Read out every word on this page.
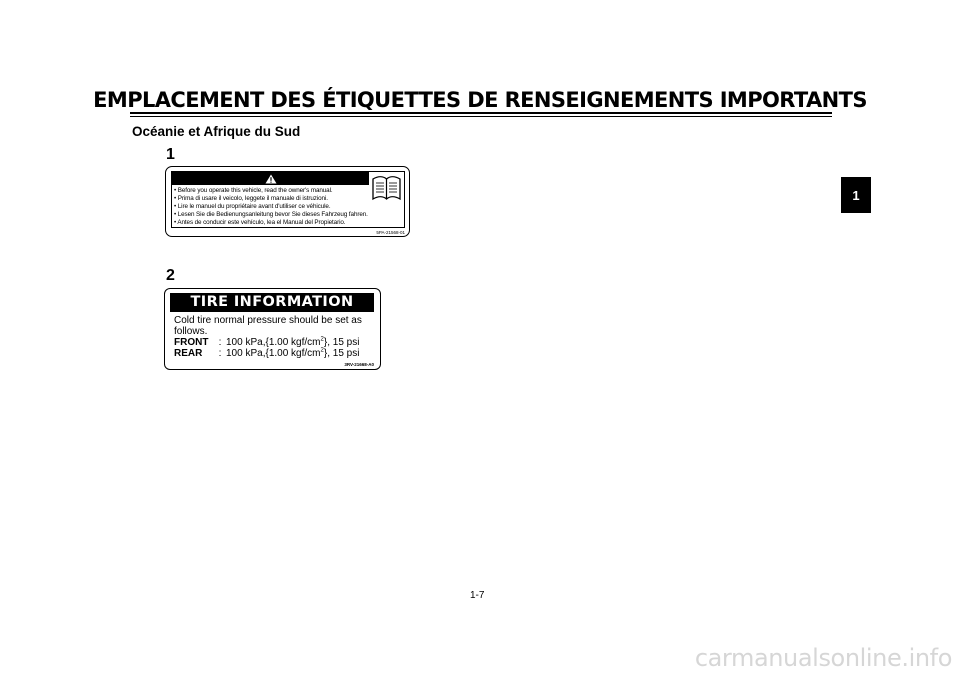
EMPLACEMENT DES ÉTIQUETTES DE RENSEIGNEMENTS IMPORTANTS
Océanie et Afrique du Sud
1
1
• Before you operate this vehicle, read the owner's manual.
• Prima di usare il veicolo, leggete il manuale di istruzioni.
• Lire le manuel du propriétaire avant d'utiliser ce véhicule.
• Lesen Sie die Bedienungsanleitung bevor Sie dieses Fahrzeug fahren.
• Antes de conducir este vehículo, lea el Manual del Propietario.
5PA-21568-01
2
TIRE INFORMATION
Cold tire normal pressure should be set as follows.
FRONT	: 100 kPa,{1.00 kgf/$cm^2$}, 15 psi
REAR	: 100 kPa,{1.00 kgf/$cm^2$}, 15 psi
3RV-21668-A0
1-7
carmanualsonline.info
